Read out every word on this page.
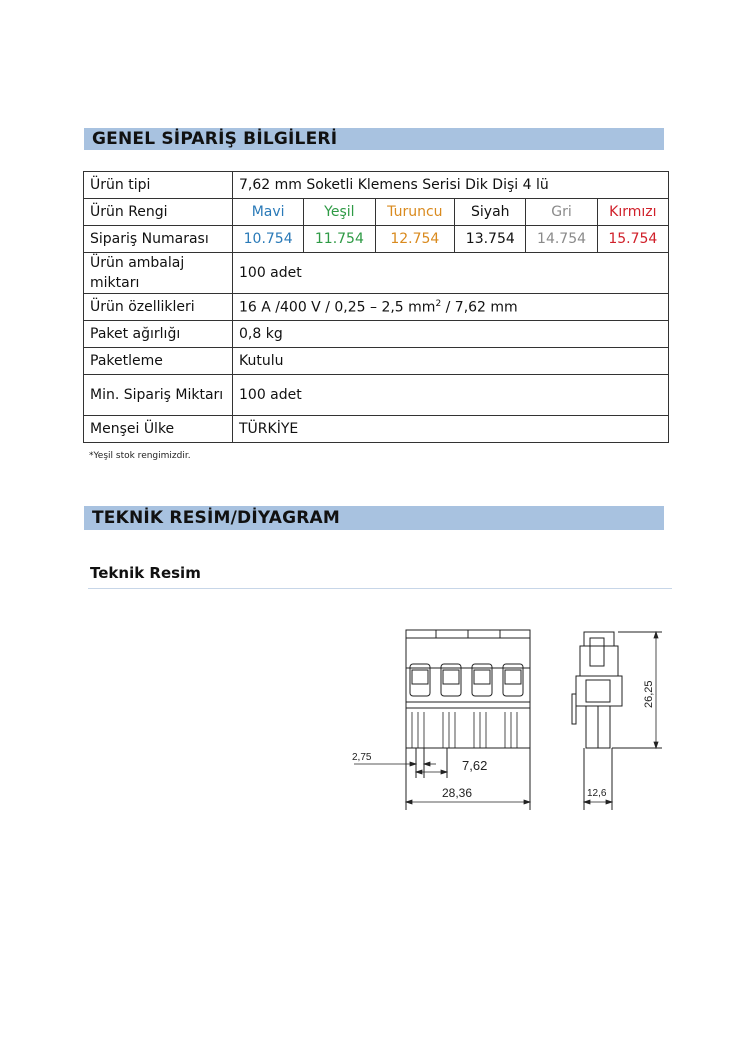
GENEL SİPARİŞ BİLGİLERİ
Ürün tipi	7,62 mm Soketli Klemens Serisi Dik Dişi 4 lü					
Ürün Rengi	Mavi	Yeşil	Turuncu	Siyah	Gri	Kırmızı
Sipariş Numarası	10.754	11.754	12.754	13.754	14.754	15.754
Ürün ambalaj miktarı	100 adet					
Ürün özellikleri	16 A /400 V / 0,25 – 2,5 $mm^2 / 7,62$ mm					
Paket ağırlığı	0,8 kg					
Paketleme	Kutulu					
Min. Sipariş Miktarı	100 adet					
Menşei Ülke	TÜRKİYE					
*Yeşil stok rengimizdir.
TEKNİK RESİM/DİYAGRAM
Teknik Resim
2,75
7,62
28,36
26,25
12,6
